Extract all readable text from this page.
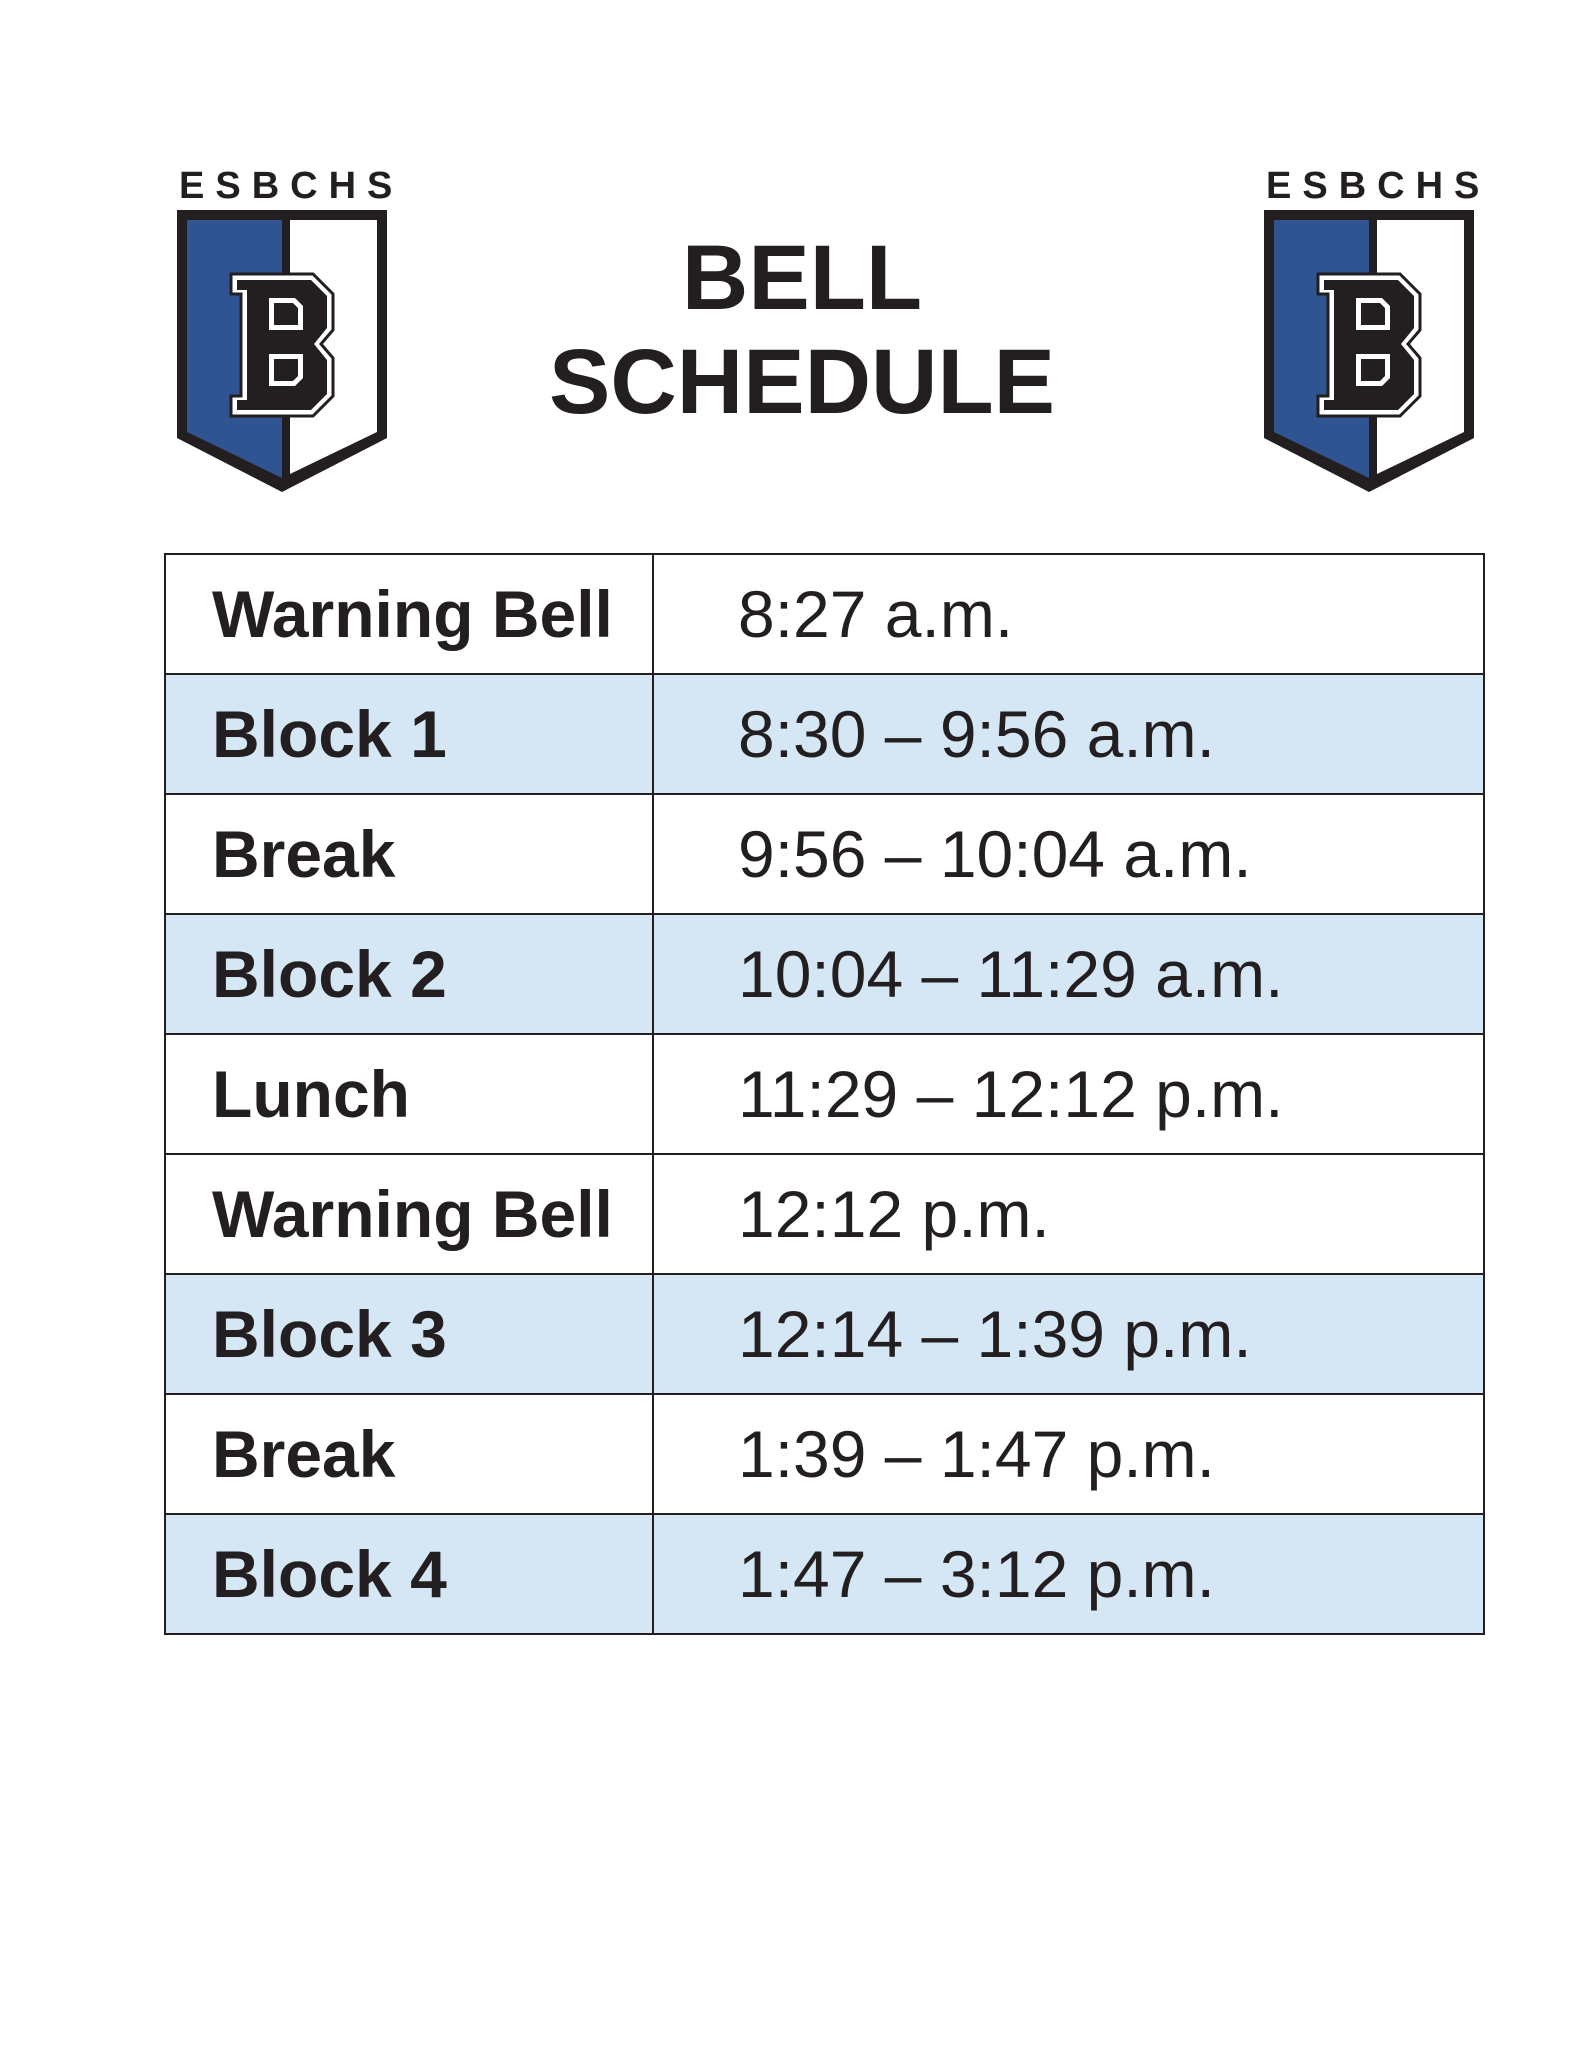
ESBCHS	ESBCHS
BELL
SCHEDULE
Warning Bell	8:27 a.m.
Block 1	8:30 – 9:56 a.m.
Break	9:56 – 10:04 a.m.
Block 2	10:04 – 11:29 a.m.
Lunch	11:29 – 12:12 p.m.
Warning Bell	12:12 p.m.
Block 3	12:14 – 1:39 p.m.
Break	1:39 – 1:47 p.m.
Block 4	1:47 – 3:12 p.m.
